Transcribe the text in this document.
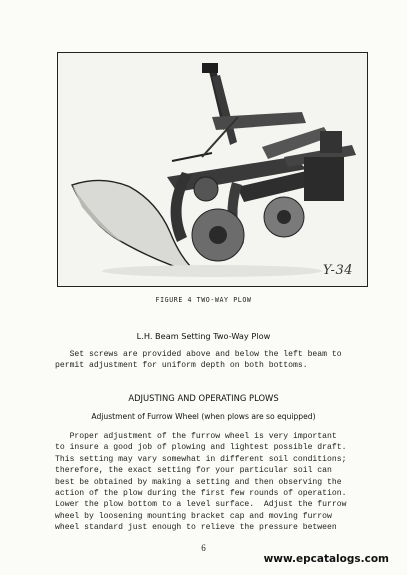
Y-34
FIGURE 4 TWO-WAY PLOW
L.H. Beam Setting Two-Way Plow
Set screws are provided above and below the left beam to
permit adjustment for uniform depth on both bottoms.
ADJUSTING AND OPERATING PLOWS
Adjustment of Furrow Wheel (when plows are so equipped)
Proper adjustment of the furrow wheel is very important
to insure a good job of plowing and lightest possible draft.
This setting may vary somewhat in different soil conditions;
therefore, the exact setting for your particular soil can
best be obtained by making a setting and then observing the
action of the plow during the first few rounds of operation.
Lower the plow bottom to a level surface.  Adjust the furrow
wheel by loosening mounting bracket cap and moving furrow
wheel standard just enough to relieve the pressure between
6
www.epcatalogs.com
